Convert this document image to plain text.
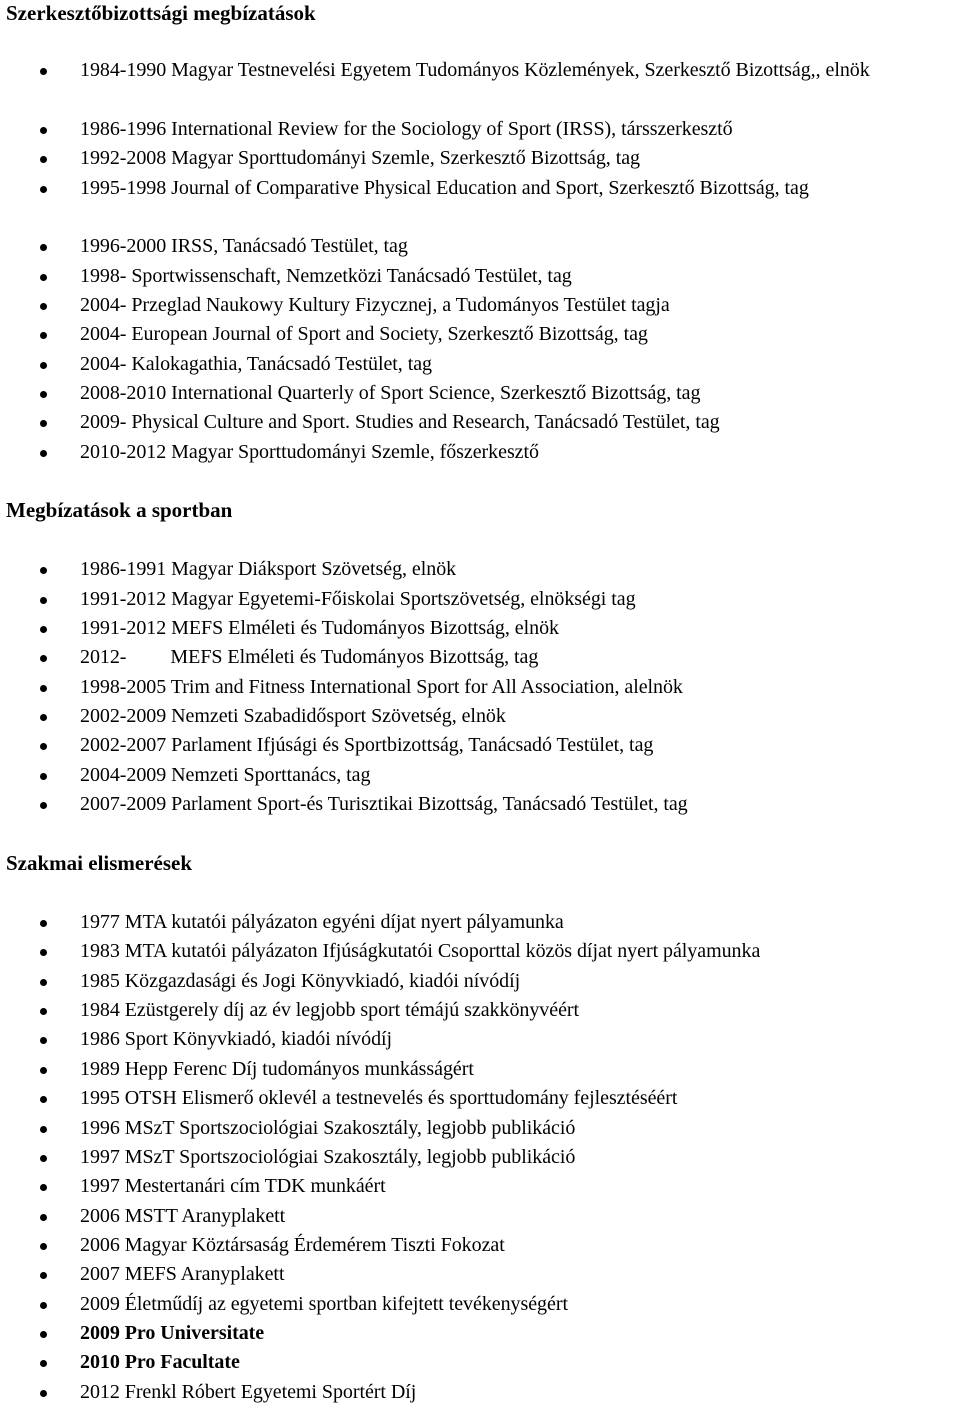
Szerkesztőbizottsági megbízatások
1984-1990 Magyar Testnevelési Egyetem Tudományos Közlemények, Szerkesztő Bizottság,, elnök
1986-1996 International Review for the Sociology of Sport (IRSS), társszerkesztő
1992-2008 Magyar Sporttudományi Szemle, Szerkesztő Bizottság, tag
1995-1998 Journal of Comparative Physical Education and Sport, Szerkesztő Bizottság, tag
1996-2000 IRSS, Tanácsadó Testület, tag
1998- Sportwissenschaft, Nemzetközi Tanácsadó Testület, tag
2004- Przeglad Naukowy Kultury Fizycznej, a Tudományos Testület tagja
2004- European Journal of Sport and Society, Szerkesztő Bizottság, tag
2004- Kalokagathia, Tanácsadó Testület, tag
2008-2010 International Quarterly of Sport Science, Szerkesztő Bizottság, tag
2009- Physical Culture and Sport. Studies and Research, Tanácsadó Testület, tag
2010-2012 Magyar Sporttudományi Szemle, főszerkesztő
Megbízatások a sportban
1986-1991 Magyar Diáksport Szövetség, elnök
1991-2012 Magyar Egyetemi-Főiskolai Sportszövetség, elnökségi tag
1991-2012 MEFS Elméleti és Tudományos Bizottság, elnök
2012- MEFS Elméleti és Tudományos Bizottság, tag
1998-2005 Trim and Fitness International Sport for All Association, alelnök
2002-2009 Nemzeti Szabadidősport Szövetség, elnök
2002-2007 Parlament Ifjúsági és Sportbizottság, Tanácsadó Testület, tag
2004-2009 Nemzeti Sporttanács, tag
2007-2009 Parlament Sport-és Turisztikai Bizottság, Tanácsadó Testület, tag
Szakmai elismerések
1977 MTA kutatói pályázaton egyéni díjat nyert pályamunka
1983 MTA kutatói pályázaton Ifjúságkutatói Csoporttal közös díjat nyert pályamunka
1985 Közgazdasági és Jogi Könyvkiadó, kiadói nívódíj
1984 Ezüstgerely díj az év legjobb sport témájú szakkönyvéért
1986 Sport Könyvkiadó, kiadói nívódíj
1989 Hepp Ferenc Díj tudományos munkásságért
1995 OTSH Elismerő oklevél a testnevelés és sporttudomány fejlesztéséért
1996 MSzT Sportszociológiai Szakosztály, legjobb publikáció
1997 MSzT Sportszociológiai Szakosztály, legjobb publikáció
1997 Mestertanári cím TDK munkáért
2006 MSTT Aranyplakett
2006 Magyar Köztársaság Érdemérem Tiszti Fokozat
2007 MEFS Aranyplakett
2009 Életműdíj az egyetemi sportban kifejtett tevékenységért
2009 Pro Universitate
2010 Pro Facultate
2012 Frenkl Róbert Egyetemi Sportért Díj
